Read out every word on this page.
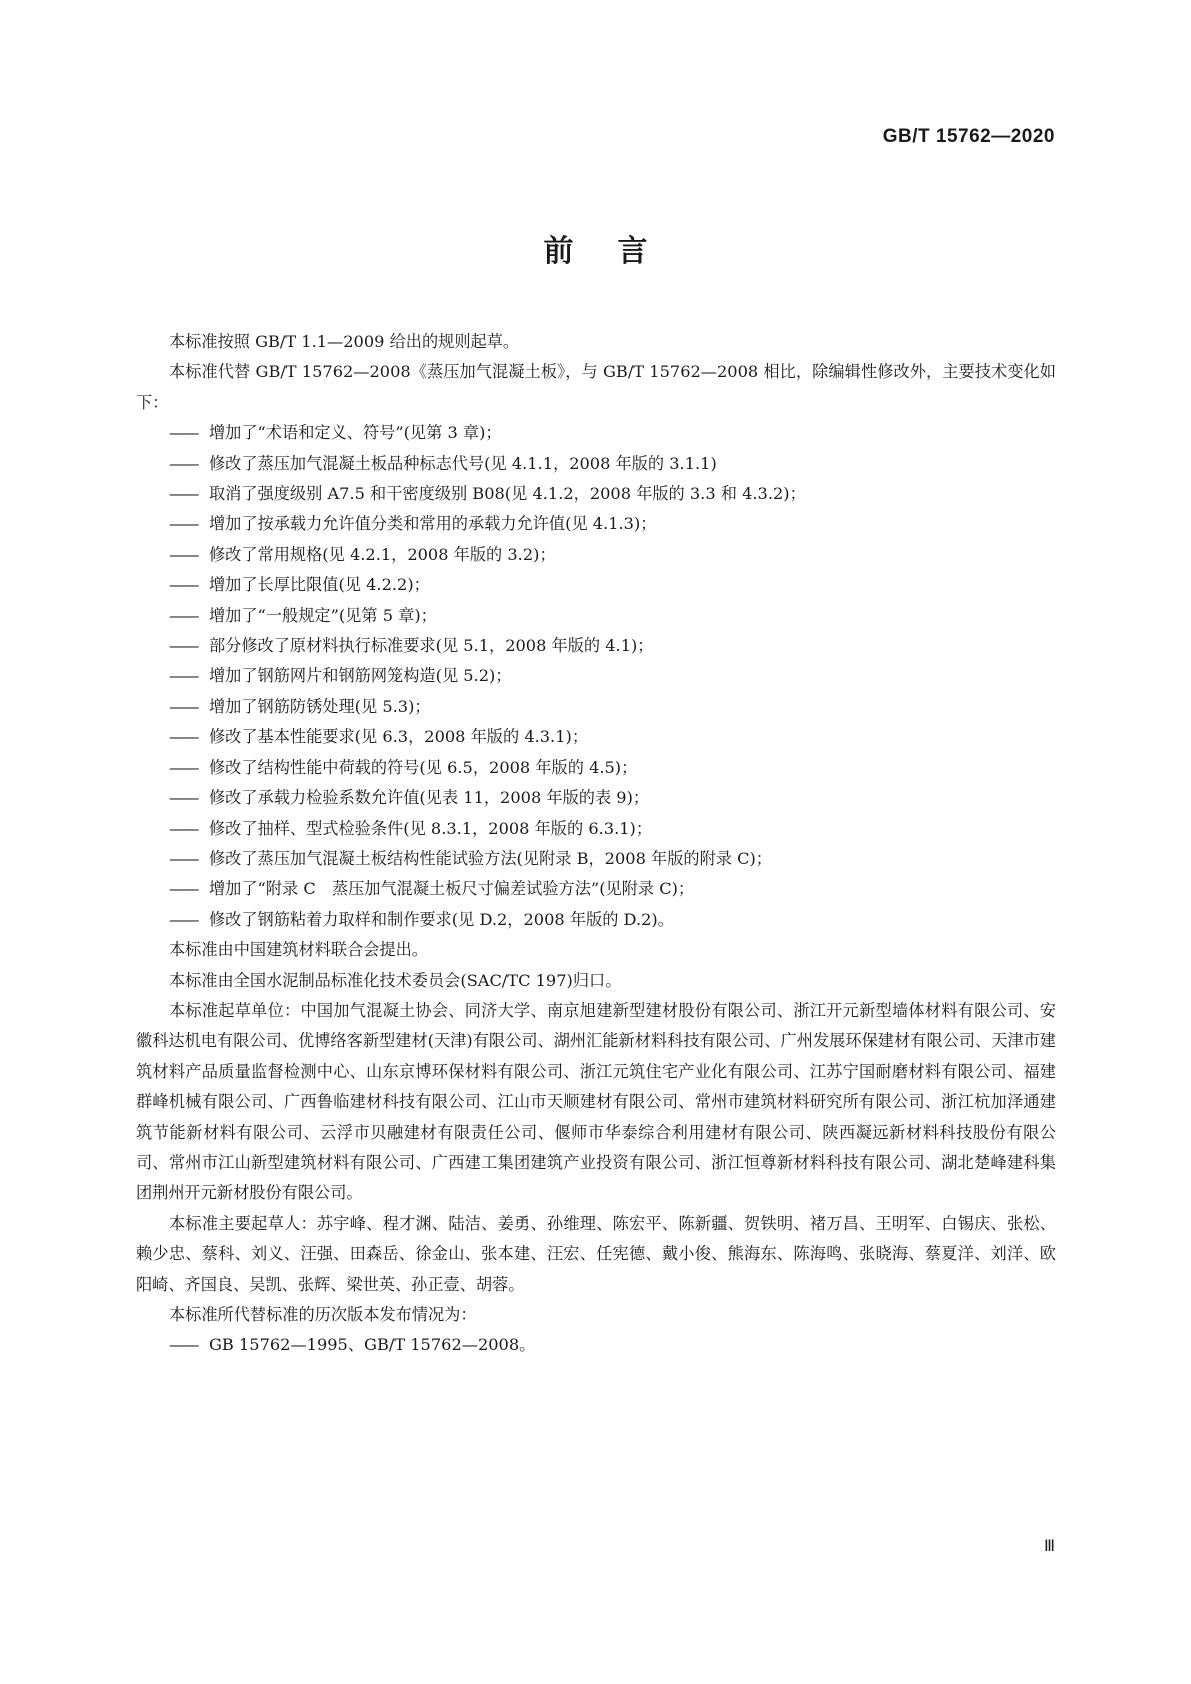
GB/T 15762—2020
前言

本标准按照 GB/T 1.1—2009 给出的规则起草。

本标准代替 GB/T 15762—2008《蒸压加气混凝土板》，与 GB/T 15762—2008 相比，除编辑性修改外，主要技术变化如下：

——增加了“术语和定义、符号”(见第 3 章)；

——修改了蒸压加气混凝土板品种标志代号(见 4.1.1，2008 年版的 3.1.1)

——取消了强度级别 A7.5 和干密度级别 B08(见 4.1.2，2008 年版的 3.3 和 4.3.2)；

——增加了按承载力允许值分类和常用的承载力允许值(见 4.1.3)；

——修改了常用规格(见 4.2.1，2008 年版的 3.2)；

——增加了长厚比限值(见 4.2.2)；

——增加了“一般规定”(见第 5 章)；

——部分修改了原材料执行标准要求(见 5.1，2008 年版的 4.1)；

——增加了钢筋网片和钢筋网笼构造(见 5.2)；

——增加了钢筋防锈处理(见 5.3)；

——修改了基本性能要求(见 6.3，2008 年版的 4.3.1)；

——修改了结构性能中荷载的符号(见 6.5，2008 年版的 4.5)；

——修改了承载力检验系数允许值(见表 11，2008 年版的表 9)；

——修改了抽样、型式检验条件(见 8.3.1，2008 年版的 6.3.1)；

——修改了蒸压加气混凝土板结构性能试验方法(见附录 B，2008 年版的附录 C)；

——增加了“附录 C　蒸压加气混凝土板尺寸偏差试验方法”(见附录 C)；

——修改了钢筋粘着力取样和制作要求(见 D.2，2008 年版的 D.2)。

本标准由中国建筑材料联合会提出。

本标准由全国水泥制品标准化技术委员会(SAC/TC 197)归口。

本标准起草单位：中国加气混凝土协会、同济大学、南京旭建新型建材股份有限公司、浙江开元新型墙体材料有限公司、安徽科达机电有限公司、优博络客新型建材(天津)有限公司、湖州汇能新材料科技有限公司、广州发展环保建材有限公司、天津市建筑材料产品质量监督检测中心、山东京博环保材料有限公司、浙江元筑住宅产业化有限公司、江苏宁国耐磨材料有限公司、福建群峰机械有限公司、广西鲁临建材科技有限公司、江山市天顺建材有限公司、常州市建筑材料研究所有限公司、浙江杭加泽通建筑节能新材料有限公司、云浮市贝融建材有限责任公司、偃师市华泰综合利用建材有限公司、陕西凝远新材料科技股份有限公司、常州市江山新型建筑材料有限公司、广西建工集团建筑产业投资有限公司、浙江恒尊新材料科技有限公司、湖北楚峰建科集团荆州开元新材股份有限公司。

本标准主要起草人：苏宇峰、程才渊、陆洁、姜勇、孙维理、陈宏平、陈新疆、贺铁明、褚万昌、王明军、白锡庆、张松、赖少忠、蔡科、刘义、汪强、田森岳、徐金山、张本建、汪宏、任宪德、戴小俊、熊海东、陈海鸣、张晓海、蔡夏洋、刘洋、欧阳崎、齐国良、吴凯、张辉、梁世英、孙正壹、胡蓉。

本标准所代替标准的历次版本发布情况为：

——GB 15762—1995、GB/T 15762—2008。

Ⅲ
